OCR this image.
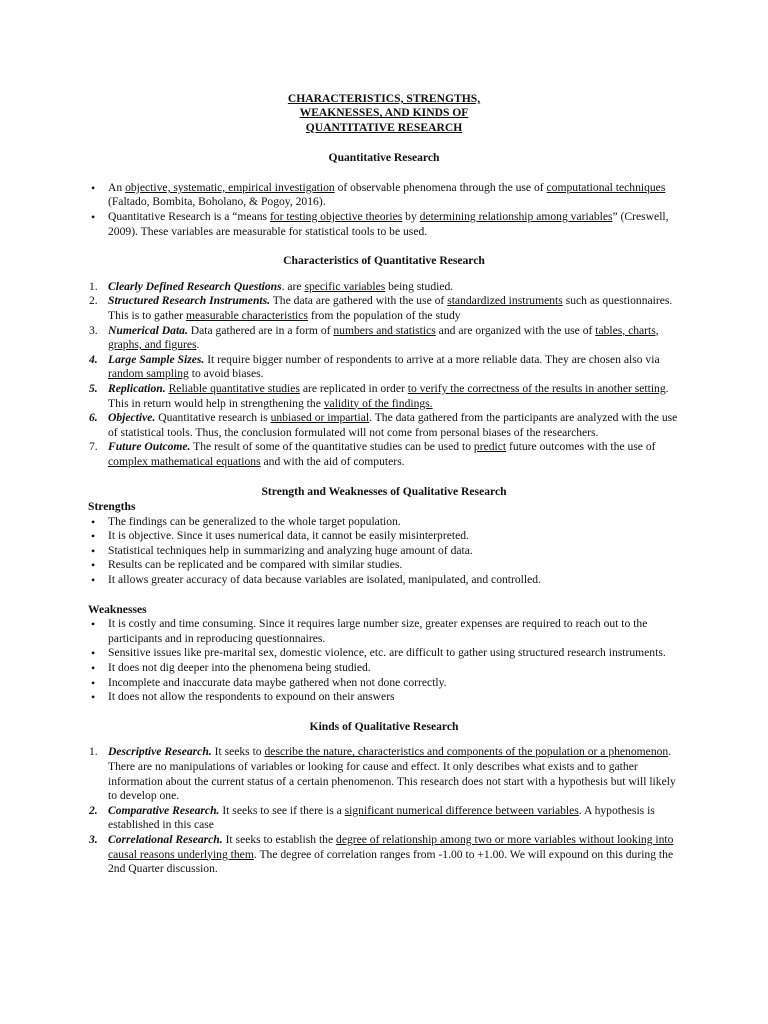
CHARACTERISTICS, STRENGTHS,

WEAKNESSES, AND KINDS OF

QUANTITATIVE RESEARCH

Quantitative Research

• An objective, systematic, empirical investigation of observable phenomena through the use of computational techniques (Faltado, Bombita, Boholano, & Pogoy, 2016).
• Quantitative Research is a “means for testing objective theories by determining relationship among variables” (Creswell, 2009). These variables are measurable for statistical tools to be used.

Characteristics of Quantitative Research

1. Clearly Defined Research Questions. are specific variables being studied.
2. Structured Research Instruments. The data are gathered with the use of standardized instruments such as questionnaires. This is to gather measurable characteristics from the population of the study
3. Numerical Data. Data gathered are in a form of numbers and statistics and are organized with the use of tables, charts, graphs, and figures.
4. Large Sample Sizes. It require bigger number of respondents to arrive at a more reliable data. They are chosen also via random sampling to avoid biases.
5. Replication. Reliable quantitative studies are replicated in order to verify the correctness of the results in another setting. This in return would help in strengthening the validity of the findings.
6. Objective. Quantitative research is unbiased or impartial. The data gathered from the participants are analyzed with the use of statistical tools. Thus, the conclusion formulated will not come from personal biases of the researchers.
7. Future Outcome. The result of some of the quantitative studies can be used to predict future outcomes with the use of complex mathematical equations and with the aid of computers.

Strength and Weaknesses of Qualitative Research

Strengths

• The findings can be generalized to the whole target population.
• It is objective. Since it uses numerical data, it cannot be easily misinterpreted.
• Statistical techniques help in summarizing and analyzing huge amount of data.
• Results can be replicated and be compared with similar studies.
• It allows greater accuracy of data because variables are isolated, manipulated, and controlled.

Weaknesses

• It is costly and time consuming. Since it requires large number size, greater expenses are required to reach out to the participants and in reproducing questionnaires.
• Sensitive issues like pre-marital sex, domestic violence, etc. are difficult to gather using structured research instruments.
• It does not dig deeper into the phenomena being studied.
• Incomplete and inaccurate data maybe gathered when not done correctly.
• It does not allow the respondents to expound on their answers

Kinds of Qualitative Research

1. Descriptive Research. It seeks to describe the nature, characteristics and components of the population or a phenomenon. There are no manipulations of variables or looking for cause and effect. It only describes what exists and to gather information about the current status of a certain phenomenon. This research does not start with a hypothesis but will likely to develop one.
2. Comparative Research. It seeks to see if there is a significant numerical difference between variables. A hypothesis is established in this case
3. Correlational Research. It seeks to establish the degree of relationship among two or more variables without looking into causal reasons underlying them. The degree of correlation ranges from -1.00 to +1.00. We will expound on this during the 2nd Quarter discussion.
